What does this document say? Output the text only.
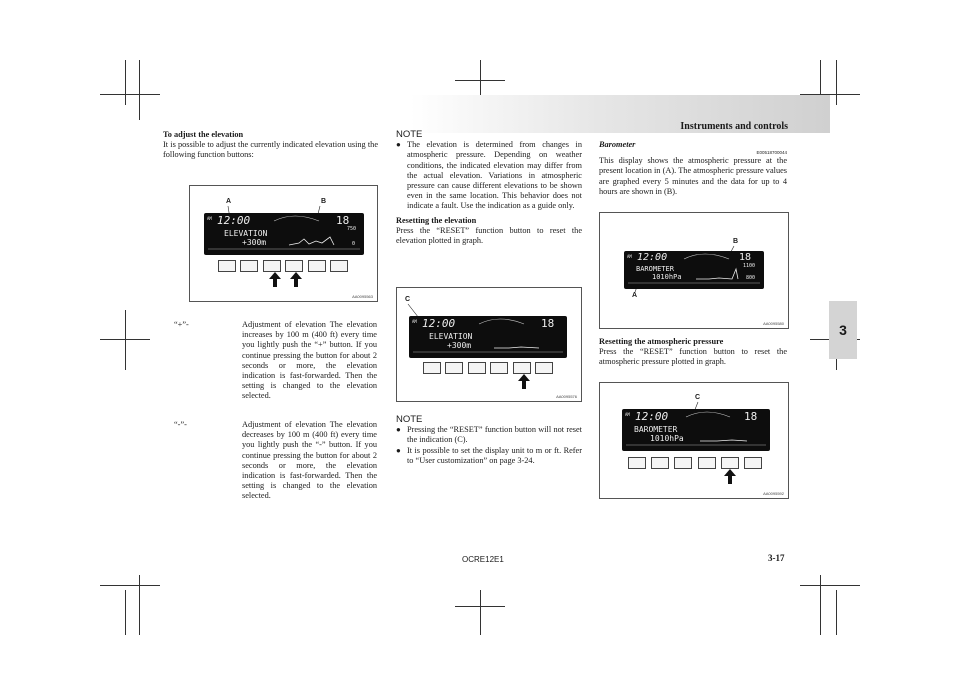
Instruments and controls
3
To adjust the elevation
It is possible to adjust the currently indicated elevation using the following function buttons:
A	B
AM 12:00	18
ELEVATION
+300m
750
0
AA0095563
“+”-	Adjustment of elevation The elevation increases by 100 m (400 ft) every time you lightly push the “+” button. If you continue pressing the button for about 2 seconds or more, the elevation indication is fast-forwarded. Then the setting is changed to the elevation selected.
“-”-	Adjustment of elevation The elevation decreases by 100 m (400 ft) every time you lightly push the “-” button. If you continue pressing the button for about 2 seconds or more, the elevation indication is fast-forwarded. Then the setting is changed to the elevation selected.
NOTE
● The elevation is determined from changes in atmospheric pressure. Depending on weather conditions, the indicated elevation may differ from the actual elevation. Variations in atmospheric pressure can cause different elevations to be shown even in the same location. This behavior does not indicate a fault. Use the indication as a guide only.
Resetting the elevation
Press the “RESET” function button to reset the elevation plotted in graph.
C
AM 12:00	18
ELEVATION
+300m
AA0095576
NOTE
● Pressing the “RESET” function button will not reset the indication (C).
● It is possible to set the display unit to m or ft. Refer to “User customization” on page 3-24.
Barometer
E00518700044
This display shows the atmospheric pressure at the present location in (A). The atmospheric pressure values are graphed every 5 minutes and the data for up to 4 hours are shown in (B).
B
A
AM 12:00	18
BAROMETER
1010hPa
1100
800
AA0095580
Resetting the atmospheric pressure
Press the “RESET” function button to reset the atmospheric pressure plotted in graph.
C
AM 12:00	18
BAROMETER
1010hPa
AA0095592
OCRE12E1	3-17
